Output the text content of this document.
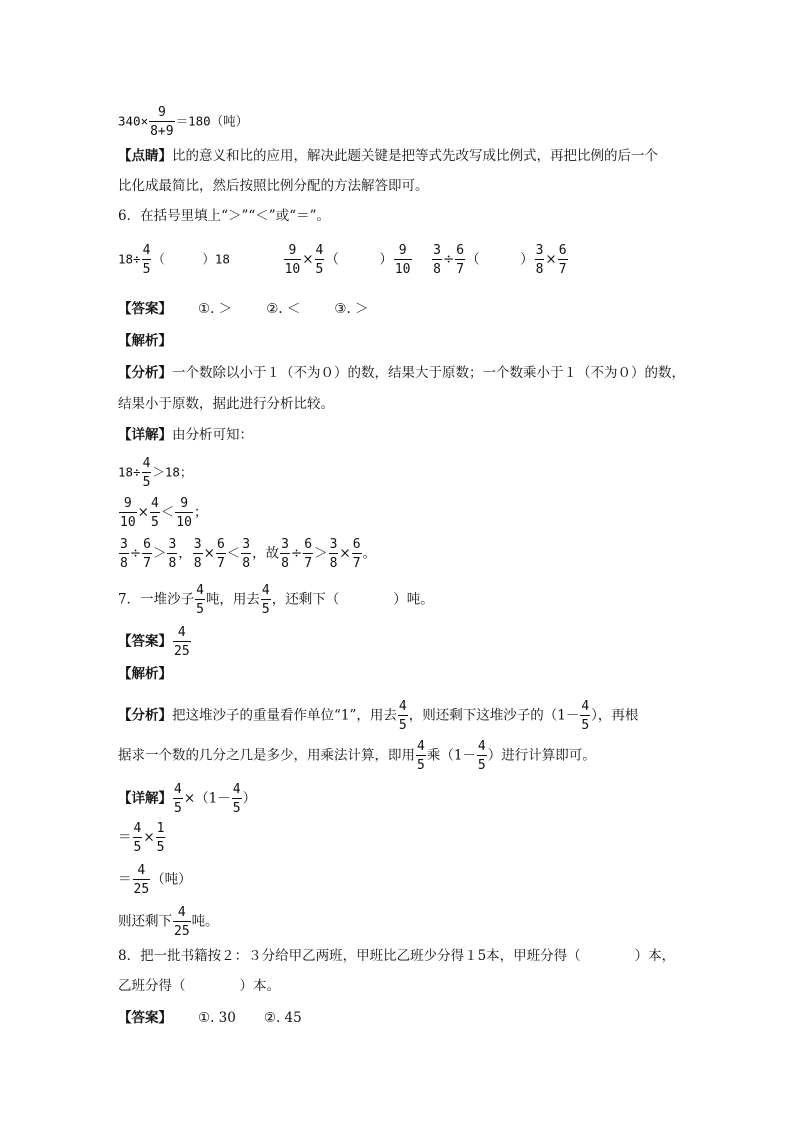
$340\times \frac{9}{8+9} =180$（吨）
【点睛】比的意义和比的应用，解决此题关键是把等式先改写成比例式，再把比例的后一个
比化成最简比，然后按照比例分配的方法解答即可。
6．在括号里填上“＞”“＜”或“＝”。
$18\div \frac{4}{5}$ （　　　）18	$\frac{9}{10} \times \frac{4}{5}$ （　　　） $\frac{9}{10}$
$\frac{3}{8} \div \frac{6}{7}$ （　　　） $\frac{3}{8} \times \frac{6}{7}$
【答案】 ①. ＞	②. ＜	③. ＞
【解析】
【分析】一个数除以小于１（不为０）的数，结果大于原数；一个数乘小于１（不为０）的数，
结果小于原数，据此进行分析比较。
【详解】由分析可知：
$18\div \frac{4}{5} >18$；
$\frac{9}{10} \times \frac{4}{5} < \frac{9}{10}$ ；
$\frac{3}{8} \div \frac{6}{7} > \frac{3}{8}$ ， $\frac{3}{8} \times \frac{6}{7} < \frac{3}{8}$ ，故 $\frac{3}{8} \div \frac{6}{7} > \frac{3}{8} \times \frac{6}{7}$ 。
7．一堆沙子 $\frac{4}{5}$ 吨，用去 $\frac{4}{5}$ ，还剩下（　　　　）吨。
【答案】 $\frac{4}{25}$
【解析】
【分析】把这堆沙子的重量看作单位“1”，用去 $\frac{4}{5}$ ，则还剩下这堆沙子的（$1- \frac{4}{5}$ ），再根
据求一个数的几分之几是多少，用乘法计算，即用 $\frac{4}{5}$ 乘（$1- \frac{4}{5}$ ）进行计算即可。
【详解】 $\frac{4}{5} \times(1- \frac{4}{5}$ ）
＝ $\frac{4}{5} \times \frac{1}{5}$
＝ $\frac{4}{25}$ （吨）
则还剩下 $\frac{4}{25}$ 吨。
8．把一批书籍按２：３分给甲乙两班，甲班比乙班少分得１5本，甲班分得（　　　　）本，
乙班分得（　　　　）本。
【答案】 ①. 30 ②. 45
